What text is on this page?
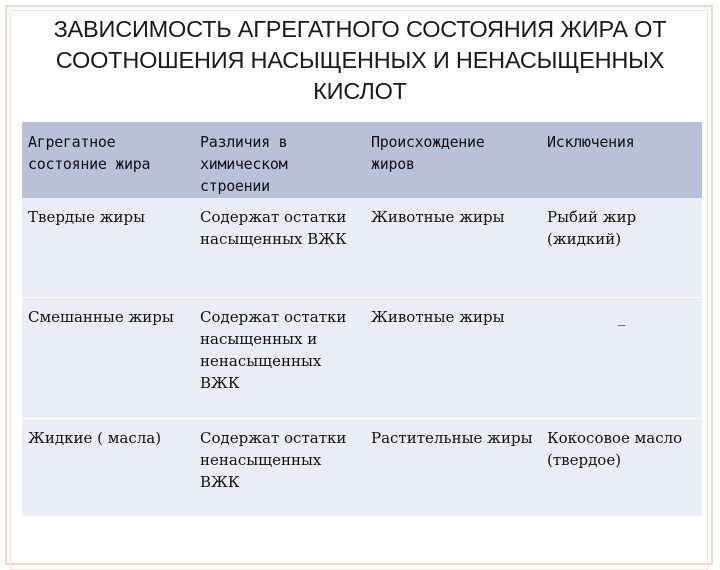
ЗАВИСИМОСТЬ АГРЕГАТНОГО СОСТОЯНИЯ ЖИРА ОТ СООТНОШЕНИЯ НАСЫЩЕННЫХ И НЕНАСЫЩЕННЫХ КИСЛОТ
Агрегатное состояние жира	Различия в химическом строении	Происхождение жиров	Исключения
Твердые жиры	Содержат остатки насыщенных ВЖК	Животные жиры	Рыбий жир (жидкий)
Смешанные жиры	Содержат остатки насыщенных и ненасыщенных ВЖК	Животные жиры	_
Жидкие ( масла)	Содержат остатки ненасыщенных ВЖК	Растительные жиры	Кокосовое масло (твердое)
